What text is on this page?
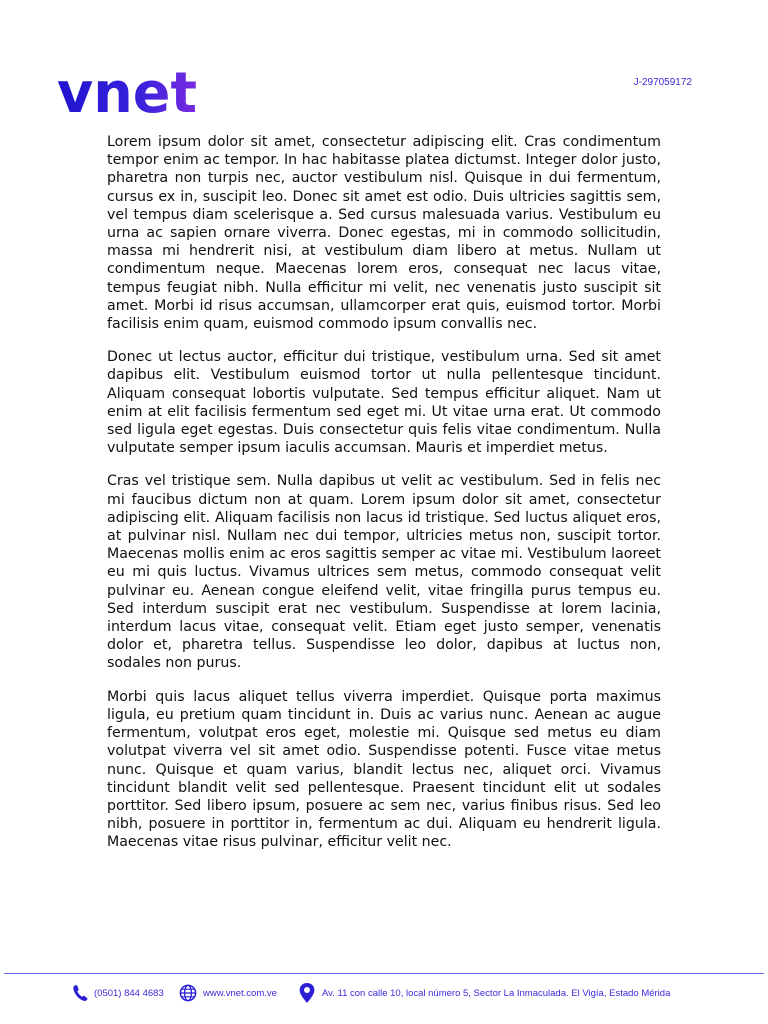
vnet	J-297059172

Lorem ipsum dolor sit amet, consectetur adipiscing elit. Cras condimentum tempor enim ac tempor. In hac habitasse platea dictumst. Integer dolor justo, pharetra non turpis nec, auctor vestibulum nisl. Quisque in dui fermentum, cursus ex in, suscipit leo. Donec sit amet est odio. Duis ultricies sagittis sem, vel tempus diam scelerisque a. Sed cursus malesuada varius. Vestibulum eu urna ac sapien ornare viverra. Donec egestas, mi in commodo sollicitudin, massa mi hendrerit nisi, at vestibulum diam libero at metus. Nullam ut condimentum neque. Maecenas lorem eros, consequat nec lacus vitae, tempus feugiat nibh. Nulla efficitur mi velit, nec venenatis justo suscipit sit amet. Morbi id risus accumsan, ullamcorper erat quis, euismod tortor. Morbi facilisis enim quam, euismod commodo ipsum convallis nec.

Donec ut lectus auctor, efficitur dui tristique, vestibulum urna. Sed sit amet dapibus elit. Vestibulum euismod tortor ut nulla pellentesque tincidunt. Aliquam consequat lobortis vulputate. Sed tempus efficitur aliquet. Nam ut enim at elit facilisis fermentum sed eget mi. Ut vitae urna erat. Ut commodo sed ligula eget egestas. Duis consectetur quis felis vitae condimentum. Nulla vulputate semper ipsum iaculis accumsan. Mauris et imperdiet metus.

Cras vel tristique sem. Nulla dapibus ut velit ac vestibulum. Sed in felis nec mi faucibus dictum non at quam. Lorem ipsum dolor sit amet, consectetur adipiscing elit. Aliquam facilisis non lacus id tristique. Sed luctus aliquet eros, at pulvinar nisl. Nullam nec dui tempor, ultricies metus non, suscipit tortor. Maecenas mollis enim ac eros sagittis semper ac vitae mi. Vestibulum laoreet eu mi quis luctus. Vivamus ultrices sem metus, commodo consequat velit pulvinar eu. Aenean congue eleifend velit, vitae fringilla purus tempus eu. Sed interdum suscipit erat nec vestibulum. Suspendisse at lorem lacinia, interdum lacus vitae, consequat velit. Etiam eget justo semper, venenatis dolor et, pharetra tellus. Suspendisse leo dolor, dapibus at luctus non, sodales non purus.

Morbi quis lacus aliquet tellus viverra imperdiet. Quisque porta maximus ligula, eu pretium quam tincidunt in. Duis ac varius nunc. Aenean ac augue fermentum, volutpat eros eget, molestie mi. Quisque sed metus eu diam volutpat viverra vel sit amet odio. Suspendisse potenti. Fusce vitae metus nunc. Quisque et quam varius, blandit lectus nec, aliquet orci. Vivamus tincidunt blandit velit sed pellentesque. Praesent tincidunt elit ut sodales porttitor. Sed libero ipsum, posuere ac sem nec, varius finibus risus. Sed leo nibh, posuere in porttitor in, fermentum ac dui. Aliquam eu hendrerit ligula. Maecenas vitae risus pulvinar, efficitur velit nec.

(0501) 844 4683	www.vnet.com.ve	Av. 11 con calle 10, local número 5, Sector La Inmaculada. El Vigía, Estado Mérida
